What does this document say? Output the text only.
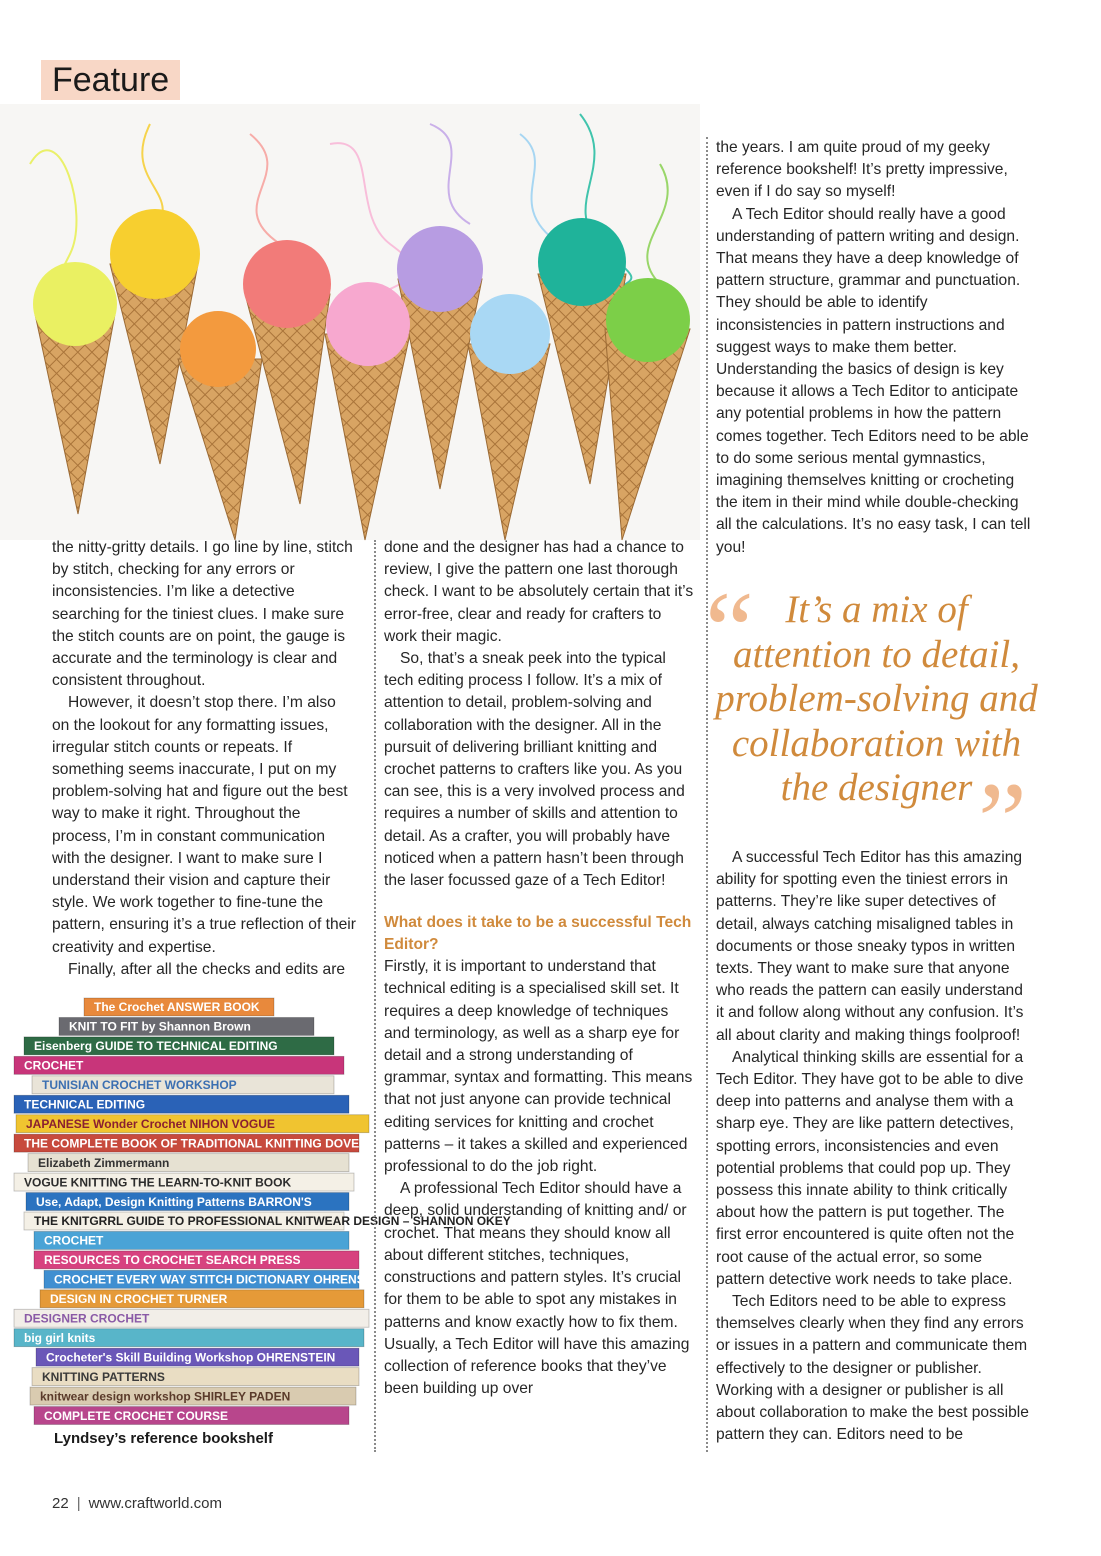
Feature

the nitty-gritty details. I go line by line, stitch by stitch, checking for any errors or inconsistencies. I’m like a detective searching for the tiniest clues. I make sure the stitch counts are on point, the gauge is accurate and the terminology is clear and consistent throughout.

However, it doesn’t stop there. I’m also on the lookout for any formatting issues, irregular stitch counts or repeats. If something seems inaccurate, I put on my problem-solving hat and figure out the best way to make it right. Throughout the process, I’m in constant communication with the designer. I want to make sure I understand their vision and capture their style. We work together to fine-tune the pattern, ensuring it’s a true reflection of their creativity and expertise.

Finally, after all the checks and edits are

The Crochet ANSWER BOOK
KNIT TO FIT by Shannon Brown
Eisenberg GUIDE TO TECHNICAL EDITING
CROCHET
TUNISIAN CROCHET WORKSHOP
TECHNICAL EDITING
JAPANESE Wonder Crochet NIHON VOGUE
THE COMPLETE BOOK OF TRADITIONAL KNITTING DOVER
Elizabeth Zimmermann
VOGUE KNITTING THE LEARN-TO-KNIT BOOK
Use, Adapt, Design Knitting Patterns BARRON'S
THE KNITGRRL GUIDE TO PROFESSIONAL KNITWEAR DESIGN – SHANNON OKEY
CROCHET
RESOURCES TO CROCHET SEARCH PRESS
CROCHET EVERY WAY STITCH DICTIONARY OHRENSTEIN
DESIGN IN CROCHET TURNER
DESIGNER CROCHET
big girl knits
Crocheter's Skill Building Workshop OHRENSTEIN
KNITTING PATTERNS
knitwear design workshop SHIRLEY PADEN
COMPLETE CROCHET COURSE
Lyndsey’s reference bookshelf

done and the designer has had a chance to review, I give the pattern one last thorough check. I want to be absolutely certain that it’s error-free, clear and ready for crafters to work their magic.

So, that’s a sneak peek into the typical tech editing process I follow. It’s a mix of attention to detail, problem-solving and collaboration with the designer. All in the pursuit of delivering brilliant knitting and crochet patterns to crafters like you. As you can see, this is a very involved process and requires a number of skills and attention to detail. As a crafter, you will probably have noticed when a pattern hasn’t been through the laser focussed gaze of a Tech Editor!

What does it take to be a successful Tech Editor?

Firstly, it is important to understand that technical editing is a specialised skill set. It requires a deep knowledge of techniques and terminology, as well as a sharp eye for detail and a strong understanding of grammar, syntax and formatting. This means that not just anyone can provide technical editing services for knitting and crochet patterns – it takes a skilled and experienced professional to do the job right.

A professional Tech Editor should have a deep, solid understanding of knitting and/ or crochet. That means they should know all about different stitches, techniques, constructions and pattern styles. It’s crucial for them to be able to spot any mistakes in patterns and know exactly how to fix them. Usually, a Tech Editor will have this amazing collection of reference books that they’ve been building up over

the years. I am quite proud of my geeky reference bookshelf! It’s pretty impressive, even if I do say so myself!

A Tech Editor should really have a good understanding of pattern writing and design. That means they have a deep knowledge of pattern structure, grammar and punctuation. They should be able to identify inconsistencies in pattern instructions and suggest ways to make them better. Understanding the basics of design is key because it allows a Tech Editor to anticipate any potential problems in how the pattern comes together. Tech Editors need to be able to do some serious mental gymnastics, imagining themselves knitting or crocheting the item in their mind while double-checking all the calculations. It’s no easy task, I can tell you!

“ It’s a mix of attention to detail, problem-solving and collaboration with the designer ”

A successful Tech Editor has this amazing ability for spotting even the tiniest errors in patterns. They’re like super detectives of detail, always catching misaligned tables in documents or those sneaky typos in written texts. They want to make sure that anyone who reads the pattern can easily understand it and follow along without any confusion. It’s all about clarity and making things foolproof!

Analytical thinking skills are essential for a Tech Editor. They have got to be able to dive deep into patterns and analyse them with a sharp eye. They are like pattern detectives, spotting errors, inconsistencies and even potential problems that could pop up. They possess this innate ability to think critically about how the pattern is put together. The first error encountered is quite often not the root cause of the actual error, so some pattern detective work needs to take place.

Tech Editors need to be able to express themselves clearly when they find any errors or issues in a pattern and communicate them effectively to the designer or publisher. Working with a designer or publisher is all about collaboration to make the best possible pattern they can. Editors need to be

22 | www.craftworld.com
